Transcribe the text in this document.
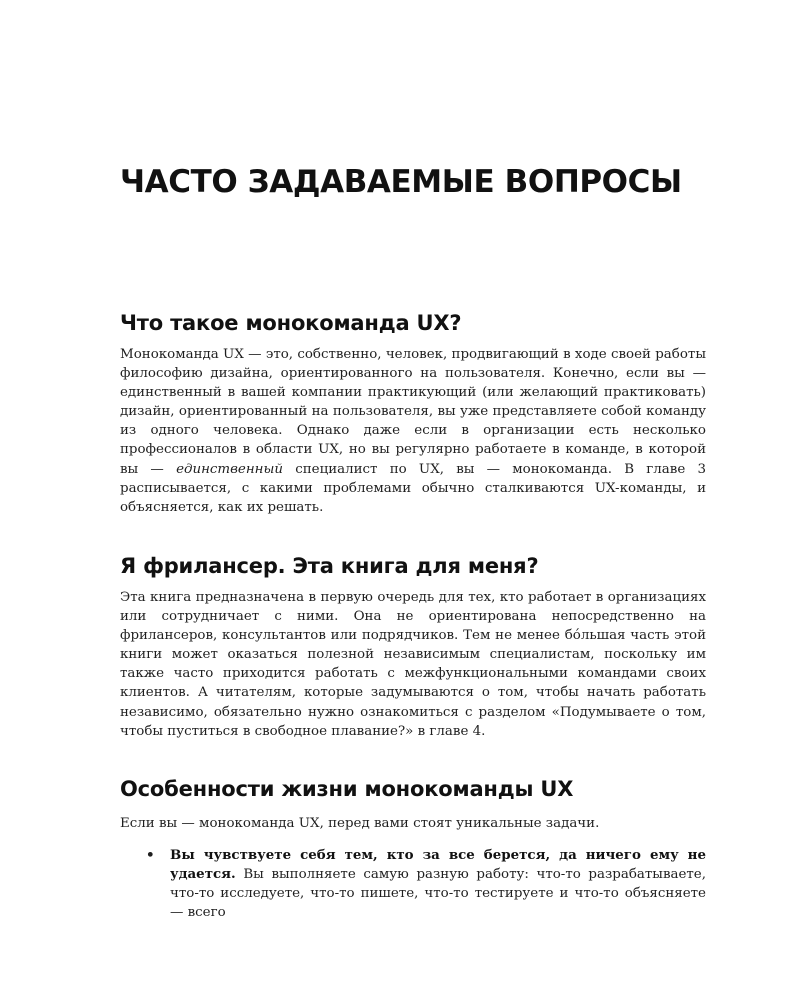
ЧАСТО ЗАДАВАЕМЫЕ ВОПРОСЫ
Что такое монокоманда UX?

Монокоманда UX — это, собственно, человек, продвигающий в ходе своей работы философию дизайна, ориентированного на пользователя. Конечно, если вы — единственный в вашей компании практикующий (или желающий практиковать) дизайн, ориентированный на пользователя, вы уже представляете собой команду из одного человека. Однако даже если в организации есть несколько профессионалов в области UX, но вы регулярно работаете в команде, в которой вы — единственный специалист по UX, вы — монокоманда. В главе 3 расписывается, с какими проблемами обычно сталкиваются UX-команды, и объясняется, как их решать.

Я фрилансер. Эта книга для меня?

Эта книга предназначена в первую очередь для тех, кто работает в организациях или сотрудничает с ними. Она не ориентирована непосредственно на фрилансеров, консультантов или подрядчиков. Тем не менее бóльшая часть этой книги может оказаться полезной независимым специалистам, поскольку им также часто приходится работать с межфункциональными командами своих клиентов. А читателям, которые задумываются о том, чтобы начать работать независимо, обязательно нужно ознакомиться с разделом «Подумываете о том, чтобы пуститься в свободное плавание?» в главе 4.

Особенности жизни монокоманды UX

Если вы — монокоманда UX, перед вами стоят уникальные задачи.

• Вы чувствуете себя тем, кто за все берется, да ничего ему не удается. Вы выполняете самую разную работу: что-то разрабатываете, что-то исследуете, что-то пишете, что-то тестируете и что-то объясняете — всего
